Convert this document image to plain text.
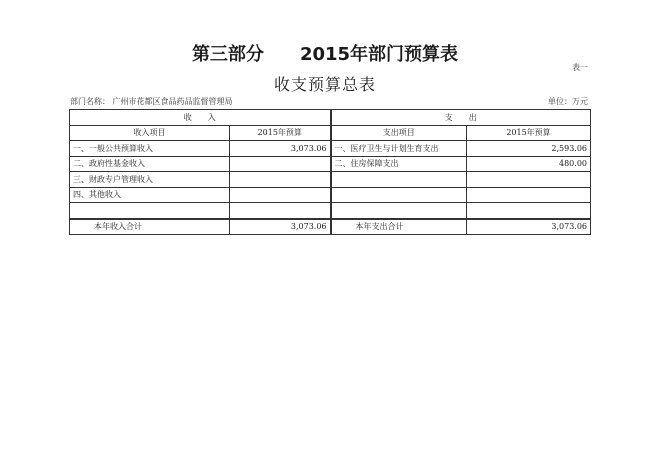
第三部分 2015年部门预算表
表一
收支预算总表
部门名称： 广州市花都区食品药品监督管理局	单位：万元
收　　入		支　　出	
收入项目	2015年预算	支出项目	2015年预算
一、一般公共预算收入	3,073.06	一、医疗卫生与计划生育支出	2,593.06
二、政府性基金收入		二、住房保障支出	480.00
三、财政专户管理收入			
四、其他收入			

本年收入合计	3,073.06	本年支出合计	3,073.06
